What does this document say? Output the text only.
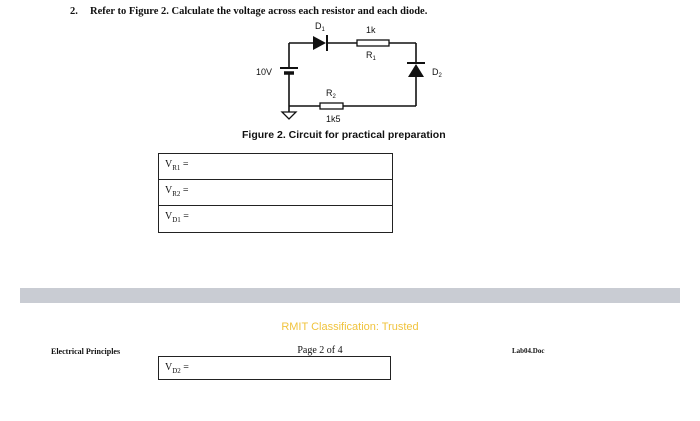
2. Refer to Figure 2. Calculate the voltage across each resistor and each diode.
$D_1$	1k
$R_1$
10V	$D_2$
$R_2$
1k5
Figure 2. Circuit for practical preparation
$V_{R1}$ =
$V_{R2}$ =
$V_{D1}$ =
RMIT Classification: Trusted
Electrical Principles	Page 2 of 4	Lab04.Doc
$V_{D2}$ =
